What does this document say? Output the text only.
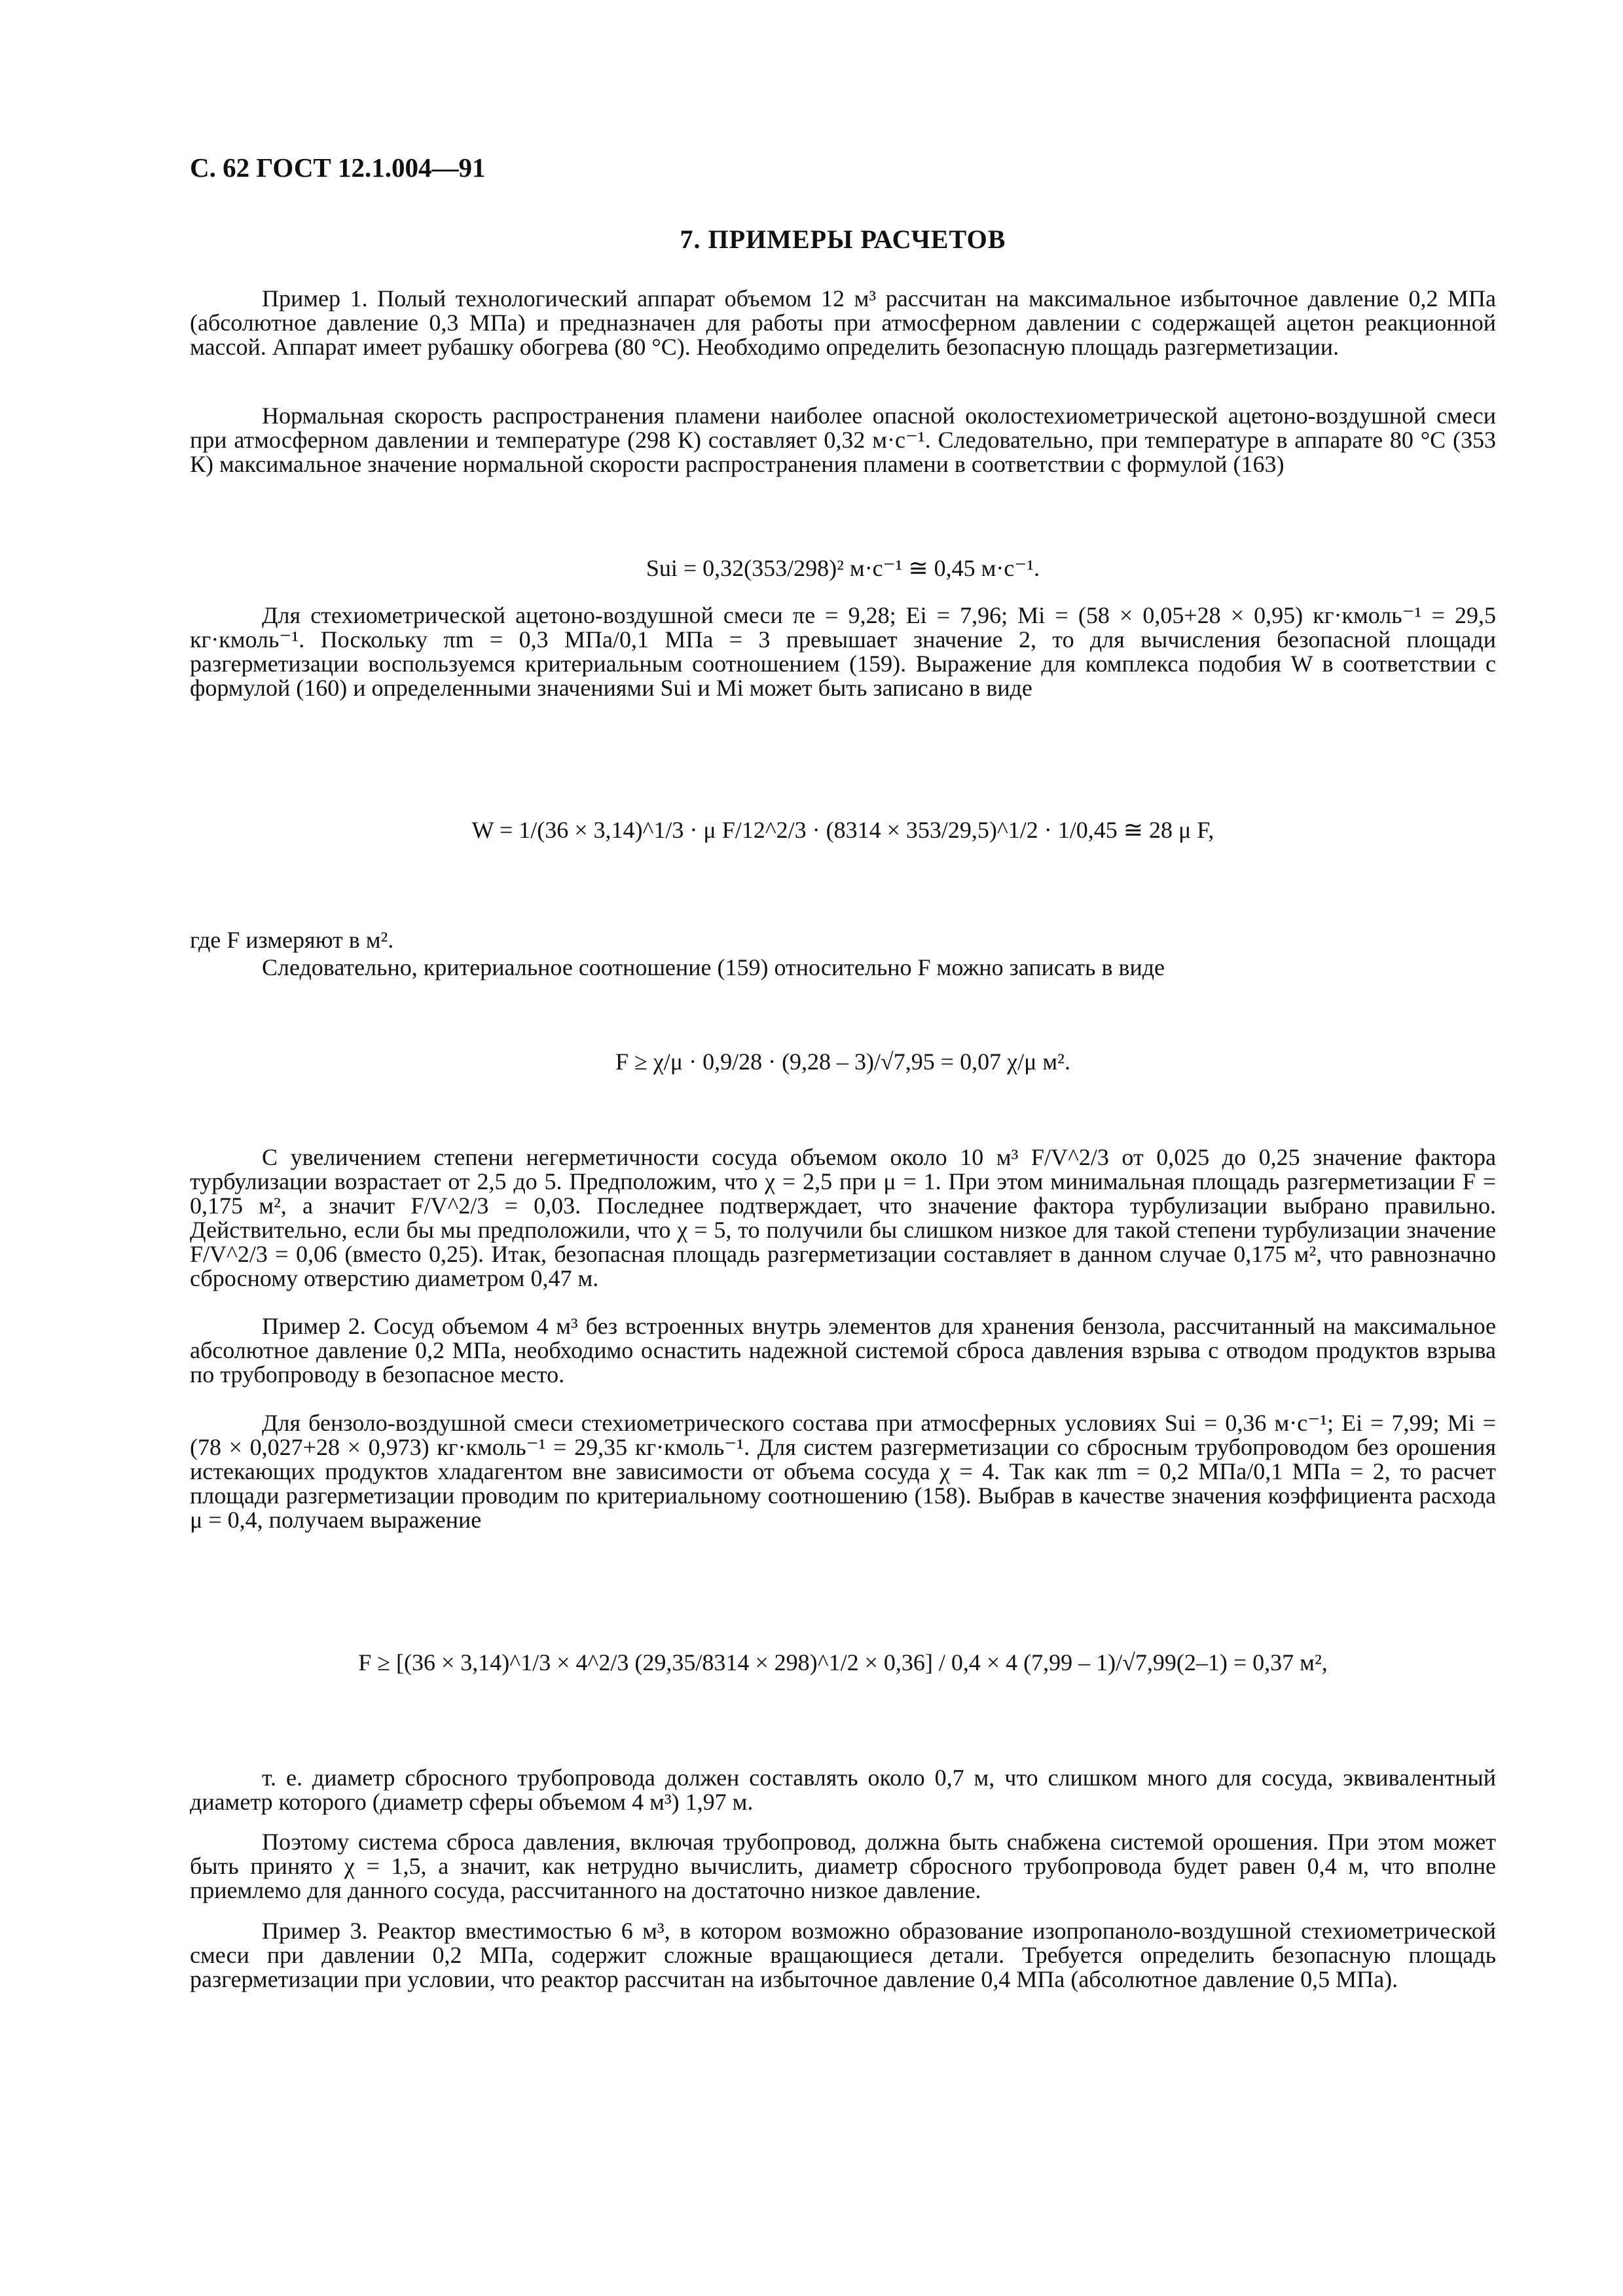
С. 62 ГОСТ 12.1.004—91
7. ПРИМЕРЫ РАСЧЕТОВ

Пример 1. Полый технологический аппарат объемом 12 м³ рассчитан на максимальное избыточное давление 0,2 МПа (абсолютное давление 0,3 МПа) и предназначен для работы при атмосферном давлении с содержащей ацетон реакционной массой. Аппарат имеет рубашку обогрева (80 °С). Необходимо определить безопасную площадь разгерметизации.

Нормальная скорость распространения пламени наиболее опасной околостехиометрической ацетоно-воздушной смеси при атмосферном давлении и температуре (298 К) составляет 0,32 м·с⁻¹. Следовательно, при температуре в аппарате 80 °С (353 К) максимальное значение нормальной скорости распространения пламени в соответствии с формулой (163)

Sui = 0,32(353/298)² м·с⁻¹ ≅ 0,45 м·с⁻¹.

Для стехиометрической ацетоно-воздушной смеси πe = 9,28; Ei = 7,96; Mi = (58 × 0,05+28 × 0,95) кг·кмоль⁻¹ = 29,5 кг·кмоль⁻¹. Поскольку πm = 0,3 МПа/0,1 МПа = 3 превышает значение 2, то для вычисления безопасной площади разгерметизации воспользуемся критериальным соотношением (159). Выражение для комплекса подобия W в соответствии с формулой (160) и определенными значениями Sui и Mi может быть записано в виде

W = 1/(36 × 3,14)^1/3 · μ F/12^2/3 · (8314 × 353/29,5)^1/2 · 1/0,45 ≅ 28 μ F,

где F измеряют в м².

Следовательно, критериальное соотношение (159) относительно F можно записать в виде

F ≥ χ/μ · 0,9/28 · (9,28 – 3)/√7,95 = 0,07 χ/μ м².

С увеличением степени негерметичности сосуда объемом около 10 м³ F/V^2/3 от 0,025 до 0,25 значение фактора турбулизации возрастает от 2,5 до 5. Предположим, что χ = 2,5 при μ = 1. При этом минимальная площадь разгерметизации F = 0,175 м², а значит F/V^2/3 = 0,03. Последнее подтверждает, что значение фактора турбулизации выбрано правильно. Действительно, если бы мы предположили, что χ = 5, то получили бы слишком низкое для такой степени турбулизации значение F/V^2/3 = 0,06 (вместо 0,25). Итак, безопасная площадь разгерметизации составляет в данном случае 0,175 м², что равнозначно сбросному отверстию диаметром 0,47 м.

Пример 2. Сосуд объемом 4 м³ без встроенных внутрь элементов для хранения бензола, рассчитанный на максимальное абсолютное давление 0,2 МПа, необходимо оснастить надежной системой сброса давления взрыва с отводом продуктов взрыва по трубопроводу в безопасное место.

Для бензоло-воздушной смеси стехиометрического состава при атмосферных условиях Sui = 0,36 м·с⁻¹; Ei = 7,99; Mi = (78 × 0,027+28 × 0,973) кг·кмоль⁻¹ = 29,35 кг·кмоль⁻¹. Для систем разгерметизации со сбросным трубопроводом без орошения истекающих продуктов хладагентом вне зависимости от объема сосуда χ = 4. Так как πm = 0,2 МПа/0,1 МПа = 2, то расчет площади разгерметизации проводим по критериальному соотношению (158). Выбрав в качестве значения коэффициента расхода μ = 0,4, получаем выражение

F ≥ [(36 × 3,14)^1/3 × 4^2/3 (29,35/8314 × 298)^1/2 × 0,36] / 0,4 × 4 (7,99 – 1)/√7,99(2–1) = 0,37 м²,

т. е. диаметр сбросного трубопровода должен составлять около 0,7 м, что слишком много для сосуда, эквивалентный диаметр которого (диаметр сферы объемом 4 м³) 1,97 м.

Поэтому система сброса давления, включая трубопровод, должна быть снабжена системой орошения. При этом может быть принято χ = 1,5, а значит, как нетрудно вычислить, диаметр сбросного трубопровода будет равен 0,4 м, что вполне приемлемо для данного сосуда, рассчитанного на достаточно низкое давление.

Пример 3. Реактор вместимостью 6 м³, в котором возможно образование изопропаноло-воздушной стехиометрической смеси при давлении 0,2 МПа, содержит сложные вращающиеся детали. Требуется определить безопасную площадь разгерметизации при условии, что реактор рассчитан на избыточное давление 0,4 МПа (абсолютное давление 0,5 МПа).
